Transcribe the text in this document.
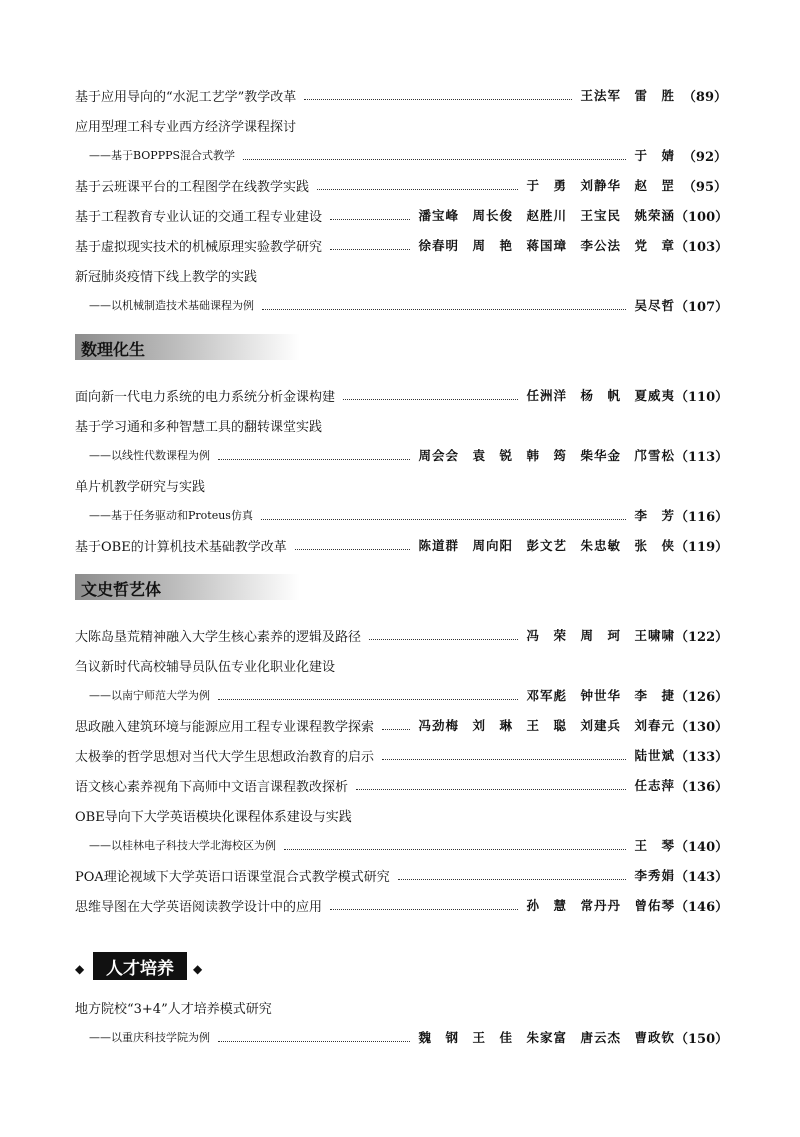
基于应用导向的“水泥工艺学”教学改革	王法军　雷　胜 （89）
应用型理工科专业西方经济学课程探讨
——基于BOPPPS混合式教学	于　婧 （92）
基于云班课平台的工程图学在线教学实践	于　勇　刘静华　赵　罡 （95）
基于工程教育专业认证的交通工程专业建设	潘宝峰　周长俊　赵胜川　王宝民　姚荣涵 （100）
基于虚拟现实技术的机械原理实验教学研究	徐春明　周　艳　蒋国璋　李公法　党　章 （103）
新冠肺炎疫情下线上教学的实践
——以机械制造技术基础课程为例	吴尽哲 （107）
数理化生
面向新一代电力系统的电力系统分析金课构建	任洲洋　杨　帆　夏威夷 （110）
基于学习通和多种智慧工具的翻转课堂实践
——以线性代数课程为例	周会会　袁　锐　韩　筠　柴华金　邝雪松 （113）
单片机教学研究与实践
——基于任务驱动和Proteus仿真	李　芳 （116）
基于OBE的计算机技术基础教学改革	陈道群　周向阳　彭文艺　朱忠敏　张　侠 （119）
文史哲艺体
大陈岛垦荒精神融入大学生核心素养的逻辑及路径	冯　荣　周　珂　王啸啸 （122）
刍议新时代高校辅导员队伍专业化职业化建设
——以南宁师范大学为例	邓军彪　钟世华　李　捷 （126）
思政融入建筑环境与能源应用工程专业课程教学探索	冯劲梅　刘　琳　王　聪　刘建兵　刘春元 （130）
太极拳的哲学思想对当代大学生思想政治教育的启示	陆世斌 （133）
语文核心素养视角下高师中文语言课程教改探析	任志萍 （136）
OBE导向下大学英语模块化课程体系建设与实践
——以桂林电子科技大学北海校区为例	王　琴 （140）
POA理论视域下大学英语口语课堂混合式教学模式研究	李秀娟 （143）
思维导图在大学英语阅读教学设计中的应用	孙　慧　常丹丹　曾佑琴 （146）
◆	人才培养	◆
地方院校“3+4”人才培养模式研究
——以重庆科技学院为例	魏　钢　王　佳　朱家富　唐云杰　曹政钦 （150）
